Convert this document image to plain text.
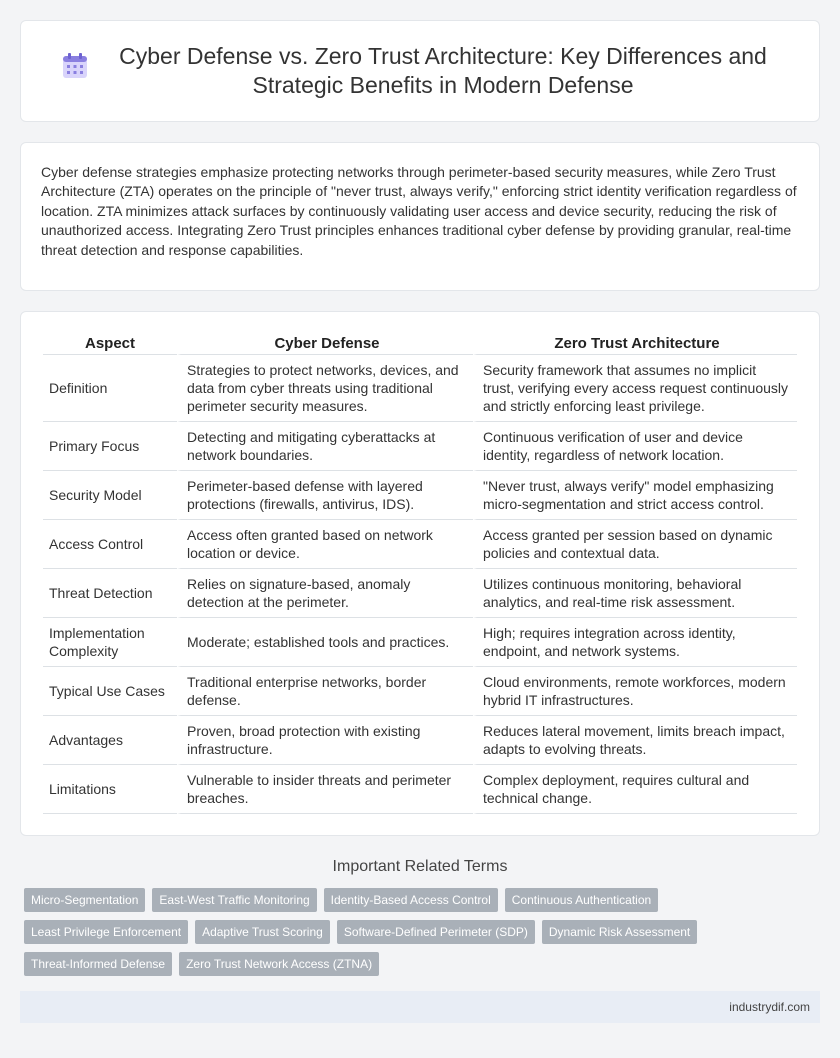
Cyber Defense vs. Zero Trust Architecture: Key Differences and Strategic Benefits in Modern Defense
Cyber defense strategies emphasize protecting networks through perimeter-based security measures, while Zero Trust Architecture (ZTA) operates on the principle of "never trust, always verify," enforcing strict identity verification regardless of location. ZTA minimizes attack surfaces by continuously validating user access and device security, reducing the risk of unauthorized access. Integrating Zero Trust principles enhances traditional cyber defense by providing granular, real-time threat detection and response capabilities.
Aspect	Cyber Defense	Zero Trust Architecture
Definition	Strategies to protect networks, devices, and data from cyber threats using traditional perimeter security measures.	Security framework that assumes no implicit trust, verifying every access request continuously and strictly enforcing least privilege.
Primary Focus	Detecting and mitigating cyberattacks at network boundaries.	Continuous verification of user and device identity, regardless of network location.
Security Model	Perimeter-based defense with layered protections (firewalls, antivirus, IDS).	"Never trust, always verify" model emphasizing micro-segmentation and strict access control.
Access Control	Access often granted based on network location or device.	Access granted per session based on dynamic policies and contextual data.
Threat Detection	Relies on signature-based, anomaly detection at the perimeter.	Utilizes continuous monitoring, behavioral analytics, and real-time risk assessment.
Implementation Complexity	Moderate; established tools and practices.	High; requires integration across identity, endpoint, and network systems.
Typical Use Cases	Traditional enterprise networks, border defense.	Cloud environments, remote workforces, modern hybrid IT infrastructures.
Advantages	Proven, broad protection with existing infrastructure.	Reduces lateral movement, limits breach impact, adapts to evolving threats.
Limitations	Vulnerable to insider threats and perimeter breaches.	Complex deployment, requires cultural and technical change.
Important Related Terms
Micro-Segmentation	East-West Traffic Monitoring	Identity-Based Access Control	Continuous Authentication
Least Privilege Enforcement	Adaptive Trust Scoring	Software-Defined Perimeter (SDP)	Dynamic Risk Assessment
Threat-Informed Defense	Zero Trust Network Access (ZTNA)
industrydif.com
